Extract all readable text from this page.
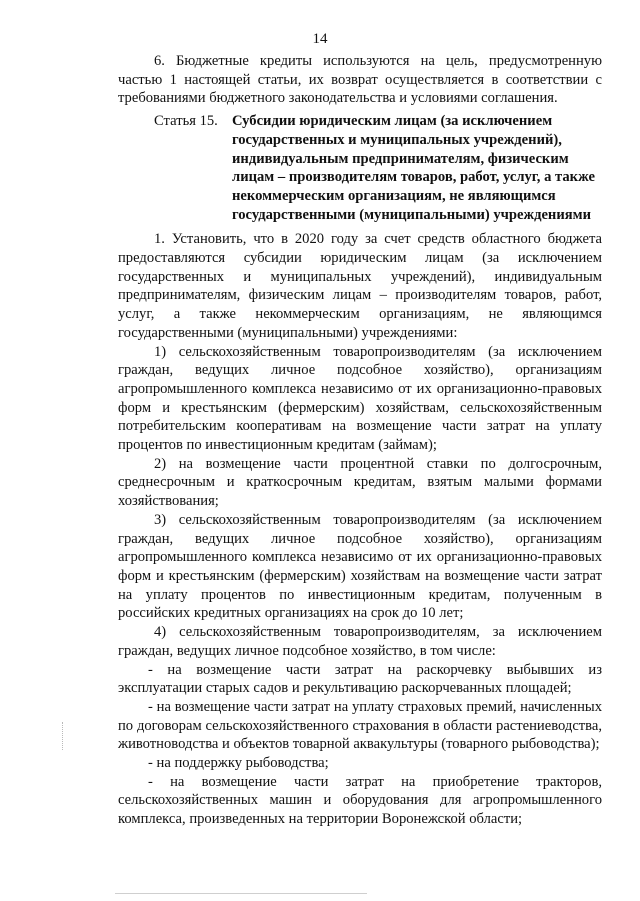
14

6. Бюджетные кредиты используются на цель, предусмотренную частью 1 настоящей статьи, их возврат осуществляется в соответствии с требованиями бюджетного законодательства и условиями соглашения.

Статья 15. Субсидии юридическим лицам (за исключением государственных и муниципальных учреждений), индивидуальным предпринимателям, физическим лицам – производителям товаров, работ, услуг, а также некоммерческим организациям, не являющимся государственными (муниципальными) учреждениями

1. Установить, что в 2020 году за счет средств областного бюджета предоставляются субсидии юридическим лицам (за исключением государственных и муниципальных учреждений), индивидуальным предпринимателям, физическим лицам – производителям товаров, работ, услуг, а также некоммерческим организациям, не являющимся государственными (муниципальными) учреждениями:

1) сельскохозяйственным товаропроизводителям (за исключением граждан, ведущих личное подсобное хозяйство), организациям агропромышленного комплекса независимо от их организационно-правовых форм и крестьянским (фермерским) хозяйствам, сельскохозяйственным потребительским кооперативам на возмещение части затрат на уплату процентов по инвестиционным кредитам (займам);

2) на возмещение части процентной ставки по долгосрочным, среднесрочным и краткосрочным кредитам, взятым малыми формами хозяйствования;

3) сельскохозяйственным товаропроизводителям (за исключением граждан, ведущих личное подсобное хозяйство), организациям агропромышленного комплекса независимо от их организационно-правовых форм и крестьянским (фермерским) хозяйствам на возмещение части затрат на уплату процентов по инвестиционным кредитам, полученным в российских кредитных организациях на срок до 10 лет;

4) сельскохозяйственным товаропроизводителям, за исключением граждан, ведущих личное подсобное хозяйство, в том числе:

- на возмещение части затрат на раскорчевку выбывших из эксплуатации старых садов и рекультивацию раскорчеванных площадей;

- на возмещение части затрат на уплату страховых премий, начисленных по договорам сельскохозяйственного страхования в области растениеводства, животноводства и объектов товарной аквакультуры (товарного рыбоводства);

- на поддержку рыбоводства;

- на возмещение части затрат на приобретение тракторов, сельскохозяйственных машин и оборудования для агропромышленного комплекса, произведенных на территории Воронежской области;
